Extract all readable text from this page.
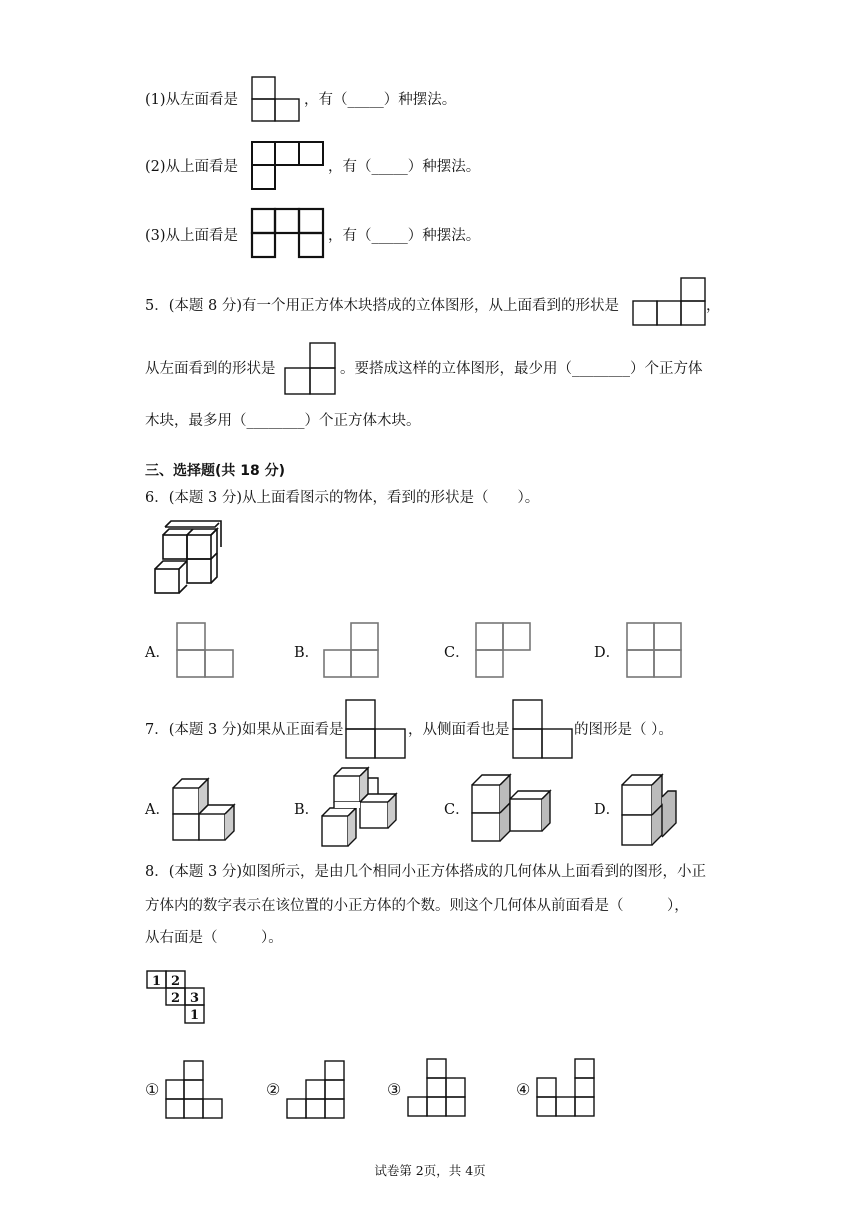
(1)从左面看是	，有（_____）种摆法。
(2)从上面看是	，有（_____）种摆法。
(3)从上面看是	，有（_____）种摆法。
5．(本题 8 分)有一个用正方体木块搭成的立体图形，从上面看到的形状是	，
从左面看到的形状是	。要搭成这样的立体图形，最少用（________）个正方体
木块，最多用（________）个正方体木块。
三、选择题(共 18 分)
6．(本题 3 分)从上面看图示的物体，看到的形状是（　　）。
A．	B．	C．	D．
7．(本题 3 分)如果从正面看是	，从侧面看也是	的图形是（ ）。
A．	B．	C．	D．
8．(本题 3 分)如图所示，是由几个相同小正方体搭成的几何体从上面看到的图形，小正
方体内的数字表示在该位置的小正方体的个数。则这个几何体从前面看是（　　　），
从右面是（　　　）。
1 2
2 3
1
①	②	③	④
试卷第 2页，共 4页
